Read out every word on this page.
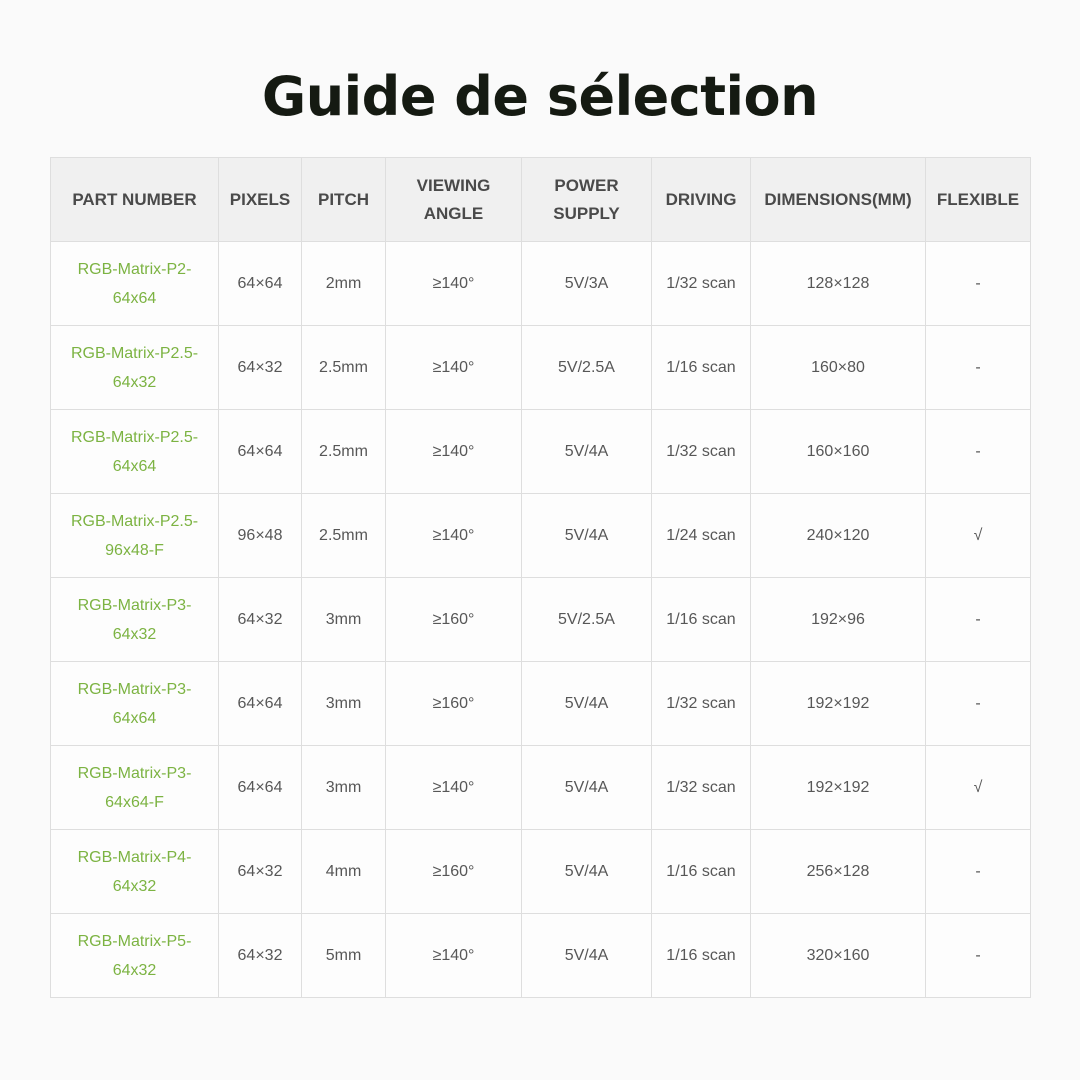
Guide de sélection
PART NUMBER	PIXELS	PITCH	VIEWING ANGLE	POWER SUPPLY	DRIVING	DIMENSIONS(MM)	FLEXIBLE
RGB-Matrix-P2-64x64	64×64	2mm	≥140°	5V/3A	1/32 scan	128×128	-
RGB-Matrix-P2.5-64x32	64×32	2.5mm	≥140°	5V/2.5A	1/16 scan	160×80	-
RGB-Matrix-P2.5-64x64	64×64	2.5mm	≥140°	5V/4A	1/32 scan	160×160	-
RGB-Matrix-P2.5-96x48-F	96×48	2.5mm	≥140°	5V/4A	1/24 scan	240×120	√
RGB-Matrix-P3-64x32	64×32	3mm	≥160°	5V/2.5A	1/16 scan	192×96	-
RGB-Matrix-P3-64x64	64×64	3mm	≥160°	5V/4A	1/32 scan	192×192	-
RGB-Matrix-P3-64x64-F	64×64	3mm	≥140°	5V/4A	1/32 scan	192×192	√
RGB-Matrix-P4-64x32	64×32	4mm	≥160°	5V/4A	1/16 scan	256×128	-
RGB-Matrix-P5-64x32	64×32	5mm	≥140°	5V/4A	1/16 scan	320×160	-
